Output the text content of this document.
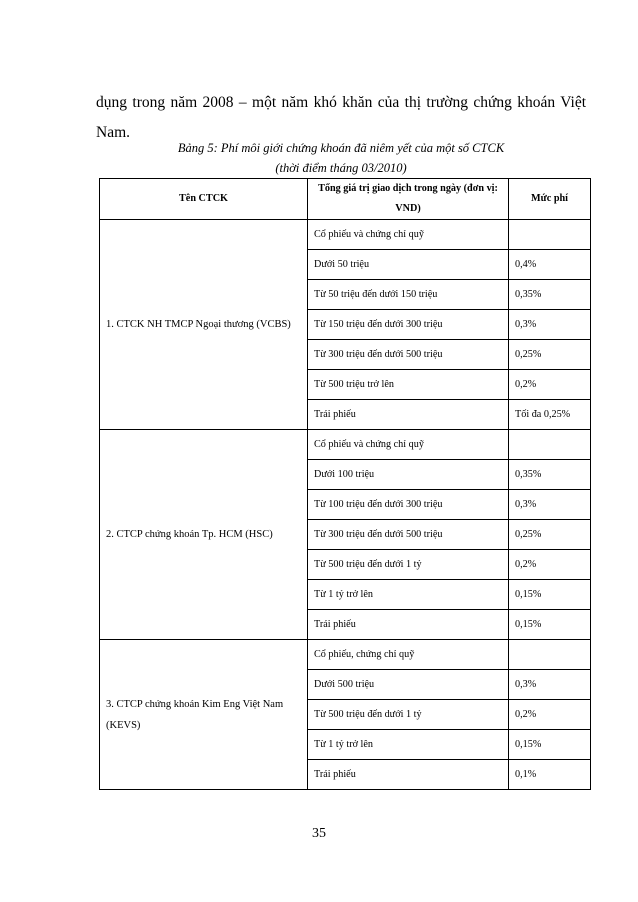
dụng trong năm 2008 – một năm khó khăn của thị trường chứng khoán Việt
Nam.

Bảng 5: Phí môi giới chứng khoán đã niêm yết của một số CTCK

(thời điểm tháng 03/2010)

Tên CTCK	Tổng giá trị giao dịch trong ngày (đơn vị:
VND)	Mức phí

1. CTCK NH TMCP Ngoại thương (VCBS)	Cổ phiếu và chứng chỉ quỹ	
	Dưới 50 triệu	0,4%
	Từ 50 triệu đến dưới 150 triệu	0,35%
	Từ 150 triệu đến dưới 300 triệu	0,3%
	Từ 300 triệu đến dưới 500 triệu	0,25%
	Từ 500 triệu trở lên	0,2%
	Trái phiếu	Tối đa 0,25%

2. CTCP chứng khoán Tp. HCM (HSC)	Cổ phiếu và chứng chỉ quỹ	
	Dưới 100 triệu	0,35%
	Từ 100 triệu đến dưới 300 triệu	0,3%
	Từ 300 triệu đến dưới 500 triệu	0,25%
	Từ 500 triệu đến dưới 1 tỷ	0,2%
	Từ 1 tỷ trở lên	0,15%
	Trái phiếu	0,15%

3. CTCP chứng khoán Kim Eng Việt Nam
(KEVS)	Cổ phiếu, chứng chỉ quỹ	
	Dưới 500 triệu	0,3%
	Từ 500 triệu đến dưới 1 tỷ	0,2%
	Từ 1 tỷ trở lên	0,15%
	Trái phiếu	0,1%
35
